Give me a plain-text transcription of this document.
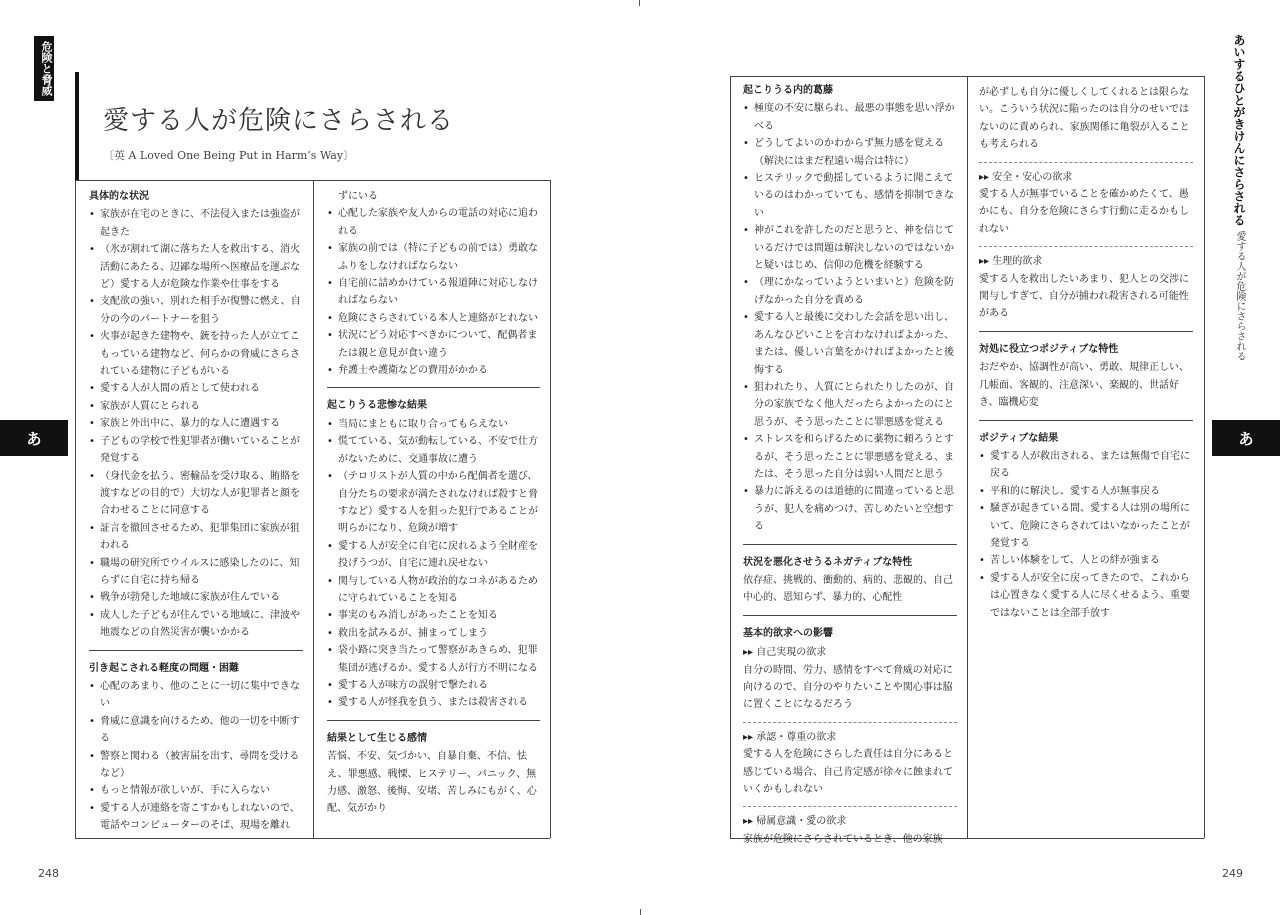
危険と脅威
愛する人が危険にさらされる
〔英 A Loved One Being Put in Harm’s Way〕
あ
具体的な状況
• 家族が在宅のときに、不法侵入または強盗が起きた
• （氷が割れて湖に落ちた人を救出する、消火活動にあたる、辺鄙な場所へ医療品を運ぶなど）愛する人が危険な作業や仕事をする
• 支配欲の強い、別れた相手が復讐に燃え、自分の今のパートナーを狙う
• 火事が起きた建物や、銃を持った人が立てこもっている建物など、何らかの脅威にさらされている建物に子どもがいる
• 愛する人が人間の盾として使われる
• 家族が人質にとられる
• 家族と外出中に、暴力的な人に遭遇する
• 子どもの学校で性犯罪者が働いていることが発覚する
• （身代金を払う、密輸品を受け取る、賄賂を渡すなどの目的で）大切な人が犯罪者と顔を合わせることに同意する
• 証言を撤回させるため、犯罪集団に家族が狙われる
• 職場の研究所でウイルスに感染したのに、知らずに自宅に持ち帰る
• 戦争が勃発した地域に家族が住んでいる
• 成人した子どもが住んでいる地域に、津波や地震などの自然災害が襲いかかる
引き起こされる軽度の問題・困難
• 心配のあまり、他のことに一切に集中できない
• 脅威に意識を向けるため、他の一切を中断する
• 警察と関わる（被害届を出す、尋問を受けるなど）
• もっと情報が欲しいが、手に入らない
• 愛する人が連絡を寄こすかもしれないので、電話やコンピューターのそば、現場を離れ
ずにいる
• 心配した家族や友人からの電話の対応に追われる
• 家族の前では（特に子どもの前では）勇敢なふりをしなければならない
• 自宅前に詰めかけている報道陣に対応しなければならない
• 危険にさらされている本人と連絡がとれない
• 状況にどう対応すべきかについて、配偶者または親と意見が食い違う
• 弁護士や護衛などの費用がかかる
起こりうる悲惨な結果
• 当局にまともに取り合ってもらえない
• 慌てている、気が動転している、不安で仕方がないために、交通事故に遭う
• （テロリストが人質の中から配偶者を選び、自分たちの要求が満たされなければ殺すと脅すなど）愛する人を狙った犯行であることが明らかになり、危険が増す
• 愛する人が安全に自宅に戻れるよう全財産を投げうつが、自宅に連れ戻せない
• 関与している人物が政治的なコネがあるために守られていることを知る
• 事実のもみ消しがあったことを知る
• 救出を試みるが、捕まってしまう
• 袋小路に突き当たって警察があきらめ、犯罪集団が逃げるか、愛する人が行方不明になる
• 愛する人が味方の誤射で撃たれる
• 愛する人が怪我を負う、または殺害される
結果として生じる感情
苦悩、不安、気づかい、自暴自棄、不信、怯え、罪悪感、戦慄、ヒステリー、パニック、無力感、激怒、後悔、安堵、苦しみにもがく、心配、気がかり
248
あいするひとがきけんにさらされる 愛する人が危険にさらされる
あ
起こりうる内的葛藤
• 極度の不安に駆られ、最悪の事態を思い浮かべる
• どうしてよいのかわからず無力感を覚える（解決にはまだ程遠い場合は特に）
• ヒステリックで動揺しているように聞こえているのはわかっていても、感情を抑制できない
• 神がこれを許したのだと思うと、神を信じているだけでは問題は解決しないのではないかと疑いはじめ、信仰の危機を経験する
• （理にかなっていようといまいと）危険を防げなかった自分を責める
• 愛する人と最後に交わした会話を思い出し、あんなひどいことを言わなければよかった、または、優しい言葉をかければよかったと後悔する
• 狙われたり、人質にとられたりしたのが、自分の家族でなく他人だったらよかったのにと思うが、そう思ったことに罪悪感を覚える
• ストレスを和らげるために薬物に頼ろうとするが、そう思ったことに罪悪感を覚える、または、そう思った自分は弱い人間だと思う
• 暴力に訴えるのは道徳的に間違っていると思うが、犯人を痛めつけ、苦しめたいと空想する
状況を悪化させうるネガティブな特性
依存症、挑戦的、衝動的、病的、悲観的、自己中心的、恩知らず、暴力的、心配性
基本的欲求への影響
▸▸ 自己実現の欲求
自分の時間、労力、感情をすべて脅威の対応に向けるので、自分のやりたいことや関心事は脇に置くことになるだろう
▸▸ 承認・尊重の欲求
愛する人を危険にさらした責任は自分にあると感じている場合、自己肯定感が徐々に蝕まれていくかもしれない
▸▸ 帰属意識・愛の欲求
家族が危険にさらされているとき、他の家族
が必ずしも自分に優しくしてくれるとは限らない。こういう状況に陥ったのは自分のせいではないのに責められ、家族関係に亀裂が入ることも考えられる
▸▸ 安全・安心の欲求
愛する人が無事でいることを確かめたくて、愚かにも、自分を危険にさらす行動に走るかもしれない
▸▸ 生理的欲求
愛する人を救出したいあまり、犯人との交渉に関与しすぎて、自分が捕われ殺害される可能性がある
対処に役立つポジティブな特性
おだやか、協調性が高い、勇敢、規律正しい、几帳面、客観的、注意深い、楽観的、世話好き、臨機応変
ポジティブな結果
• 愛する人が救出される、または無傷で自宅に戻る
• 平和的に解決し、愛する人が無事戻る
• 騒ぎが起きている間、愛する人は別の場所にいて、危険にさらされてはいなかったことが発覚する
• 苦しい体験をして、人との絆が強まる
• 愛する人が安全に戻ってきたので、これからは心置きなく愛する人に尽くせるよう、重要ではないことは全部手放す
249
